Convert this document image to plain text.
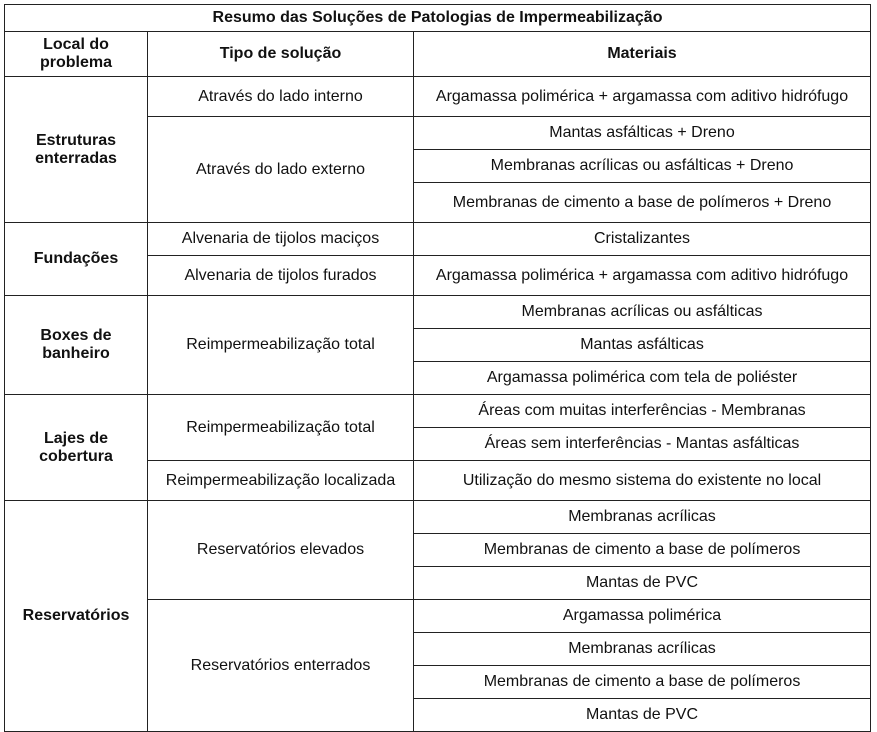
Resumo das Soluções de Patologias de Impermeabilização		
Local do problema	Tipo de solução	Materiais
Estruturas enterradas	Através do lado interno	Argamassa polimérica + argamassa com aditivo hidrófugo
	Através do lado externo	Mantas asfálticas + Dreno
		Membranas acrílicas ou asfálticas + Dreno
		Membranas de cimento a base de polímeros + Dreno
Fundações	Alvenaria de tijolos maciços	Cristalizantes
	Alvenaria de tijolos furados	Argamassa polimérica + argamassa com aditivo hidrófugo
Boxes de banheiro	Reimpermeabilização total	Membranas acrílicas ou asfálticas
		Mantas asfálticas
		Argamassa polimérica com tela de poliéster
Lajes de cobertura	Reimpermeabilização total	Áreas com muitas interferências - Membranas
		Áreas sem interferências - Mantas asfálticas
	Reimpermeabilização localizada	Utilização do mesmo sistema do existente no local
Reservatórios	Reservatórios elevados	Membranas acrílicas
		Membranas de cimento a base de polímeros
		Mantas de PVC
	Reservatórios enterrados	Argamassa polimérica
		Membranas acrílicas
		Membranas de cimento a base de polímeros
		Mantas de PVC
